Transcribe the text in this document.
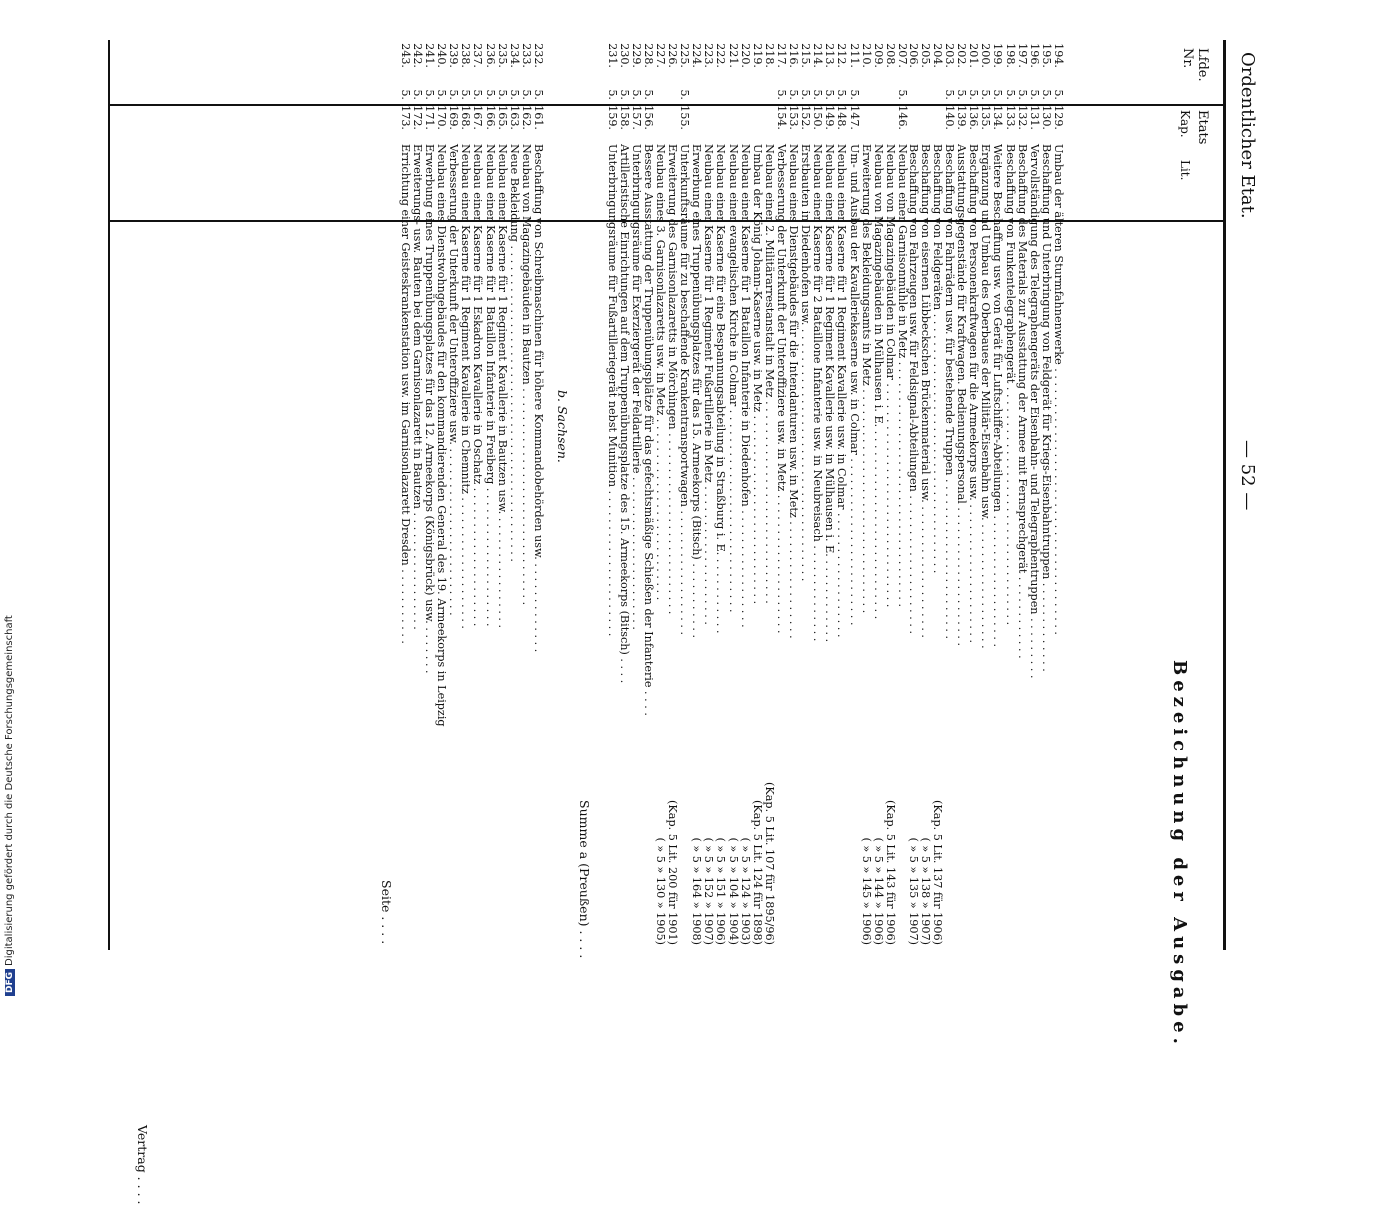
Ordentlicher Etat.
— 52 —
Lfde. Nr.
Etats
Kap.
Lit.
Bezeichnung der Ausgabe.
194.
5.
129.
Umbau der älteren Sturmfahnenwerke . . . . . . . . . . . . . . . . . . . . . . . . . . . . . . . . . . . . . .
195.
5.
130.
Beschaffung und Unterbringung von Feldgerät für Kriegs-Eisenbahntruppen . . . . . . . . . . . . .
196.
5.
131.
Vervollständigung des Telegraphengeräts der Eisenbahn- und Telegraphentruppen . . . . . . . . .
197.
5.
132.
Beschaffung des Materials zur Ausstattung der Armee mit Fernsprechgerät . . . . . . . . . . . .
198.
5.
133.
Beschaffung von Funkentelegraphengerät . . . . . . . . . . . . . . . . . . . . . . . . . . . . . . . . . .
199.
5.
134.
Weitere Beschaffung usw. von Gerät für Luftschiffer-Abteilungen . . . . . . . . . . . . . . . . . . .
200.
5.
135.
Ergänzung und Umbau des Oberbaues der Militär-Eisenbahn usw. . . . . . . . . . . . . . . . . . .
201.
5.
136.
Beschaffung von Personenkraftwagen für die Armeekorps usw. . . . . . . . . . . . . . . . . . . . .
202.
5.
139.
Ausstattungsgegenstände für Kraftwagen. Bedienungspersonal . . . . . . . . . . . . . . . . . . . .
203.
5.
140.
Beschaffung von Fahrrädern usw. für bestehende Truppen . . . . . . . . . . . . . . . . . . . . . . .
204.
Beschaffung von Feldgeräten . . . . . . . . . . . . . . . . . . . . . . . . . . . . . . . . . . . . .
(Kap. 5 Lit. 137 für 1906)
205.
Beschaffung von eisernen Lübbeckschen Brückenmaterial usw. . . . . . . . . . . . . . . . . . . .
( » 5 » 138 » 1907)
206.
Beschaffung von Fahrzeugen usw. für Feldsignal-Abteilungen . . . . . . . . . . . . . . . . . . . .
( » 5 » 135 » 1907)
207.
5.
146.
Neubau einer Garnisonmühle in Metz . . . . . . . . . . . . . . . . . . . . . . . . . . . . . . . . . . .
208.
Neubau von Magazingebäuden in Colmar . . . . . . . . . . . . . . . . . . . . . . . . . . . . . . . .
(Kap. 5 Lit. 143 für 1906)
209.
Neubau von Magazingebäuden in Mülhausen i. E. . . . . . . . . . . . . . . . . . . . . . . . . . . .
( » 5 » 144 » 1906)
210.
Erweiterung des Bekleidungsamts in Metz . . . . . . . . . . . . . . . . . . . . . . . . . . . . . . . .
( » 5 » 145 » 1906)
211.
5.
147.
Um- und Ausbau der Kavalleriekaserne usw. in Colmar . . . . . . . . . . . . . . . . . . . . . . . .
212.
5.
148.
Neubau einer Kaserne für 1 Regiment Kavallerie usw. in Colmar . . . . . . . . . . . . . . . . . .
213.
5.
149.
Neubau einer Kaserne für 1 Regiment Kavallerie usw. in Mülhausen i. E. . . . . . . . . . . . .
214.
5.
150.
Neubau einer Kaserne für 2 Bataillone Infanterie usw. in Neubreisach . . . . . . . . . . . . . .
215.
5.
152.
Erstbauten in Diedenhofen usw. . . . . . . . . . . . . . . . . . . . . . . . . . . . . . . . . . . . .
216.
5.
153.
Neubau eines Dienstgebäudes für die Intendanturen usw. in Metz . . . . . . . . . . . . . . . . .
217.
5.
154.
Verbesserung der Unterkunft der Unteroffiziere usw. in Metz . . . . . . . . . . . . . . . . . . . .
218.
Neubau einer 2. Militärarrestanstalt in Metz . . . . . . . . . . . . . . . . . . . . . . . . . . . . .
(Kap. 5 Lit. 107 für 1895/96)
219.
Umbau der König Johann-Kaserne usw. in Metz . . . . . . . . . . . . . . . . . . . . . . . . . . .
(Kap. 5 Lit. 124 für 1898)
220.
Neubau einer Kaserne für 1 Bataillon Infanterie in Diedenhofen . . . . . . . . . . . . . . . . .
( » 5 » 124 » 1903)
221.
Neubau einer evangelischen Kirche in Colmar . . . . . . . . . . . . . . . . . . . . . . . . . . . . .
( » 5 » 104 » 1904)
222.
Neubau einer Kaserne für eine Bespannungsabteilung in Straßburg i. E. . . . . . . . . . . .
( » 5 » 151 » 1906)
223.
Neubau einer Kaserne für 1 Regiment Fußartillerie in Metz . . . . . . . . . . . . . . . . . . . .
( » 5 » 152 » 1907)
224.
Erwerbung eines Truppenübungsplatzes für das 15. Armeekorps (Bitsch) . . . . . . . . . . .
( » 5 » 164 » 1908)
225.
5.
155.
Unterkunftsräume für zu beschaffende Krankentransportwagen . . . . . . . . . . . . . . . . . .
226.
Erweiterung des Garnisonlazaretts in Mörchingen . . . . . . . . . . . . . . . . . . . . . . . . . .
(Kap. 5 Lit. 200 für 1901)
227.
Neubau eines 3. Garnisonlazaretts usw. in Metz . . . . . . . . . . . . . . . . . . . . . . . . . .
( » 5 » 130 » 1905)
228.
5.
156.
Bessere Ausstattung der Truppenübungsplätze für das gefechtsmäßige Schießen der Infanterie . . . .
229.
5.
157.
Unterbringungsräume für Exerziergerät der Feldartillerie . . . . . . . . . . . . . . . . . . . . . .
230.
5.
158.
Artilleristische Einrichtungen auf dem Truppenübungsplatze des 15. Armeekorps (Bitsch) . . . .
231.
5.
159.
Unterbringungsräume für Fußartilleriegerät nebst Munition . . . . . . . . . . . . . . . . . . . . .
232.
5.
161.
Beschaffung von Schreibmaschinen für höhere Kommandobehörden usw. . . . . . . . . . . . . .
233.
5.
162.
Neubau von Magazingebäuden in Bautzen . . . . . . . . . . . . . . . . . . . . . . . . . . . . . . .
234.
5.
163.
Neue Bekleidung . . . . . . . . . . . . . . . . . . . . . . . . . . . . . . . . . . . . . . . . . . . . .
235.
5.
165.
Neubau einer Kaserne für 1 Regiment Kavallerie in Bautzen usw. . . . . . . . . . . . . . . . .
236.
5.
166.
Neubau einer Kaserne für 1 Bataillon Infanterie in Freiberg . . . . . . . . . . . . . . . . . . . .
237.
5.
167.
Neubau einer Kaserne für 1 Eskadron Kavallerie in Oschatz . . . . . . . . . . . . . . . . . . . .
238.
5.
168.
Neubau einer Kaserne für 1 Regiment Kavallerie in Chemnitz . . . . . . . . . . . . . . . . . . .
239.
5.
169.
Verbesserung der Unterkunft der Unteroffiziere usw. . . . . . . . . . . . . . . . . . . . . . . . .
240.
5.
170.
Neubau eines Dienstwohngebäudes für den kommandierenden General des 19. Armeekorps in Leipzig
241.
5.
171.
Erwerbung eines Truppenübungsplatzes für das 12. Armeekorps (Königsbrück) usw. . . . . . . .
242.
5.
172.
Erweiterungs- usw. Bauten bei dem Garnisonlazarett in Bautzen . . . . . . . . . . . . . . . . .
243.
5.
173.
Errichtung einer Geisteskrankenstation usw. im Garnisonlazarett Dresden . . . . . . . . . . .
Summe a (Preußen) . . . .
b. Sachsen.
Seite . . . .
Vertrag . . . .
DFGDigitalisierung gefördert durch die Deutsche Forschungsgemeinschaft
